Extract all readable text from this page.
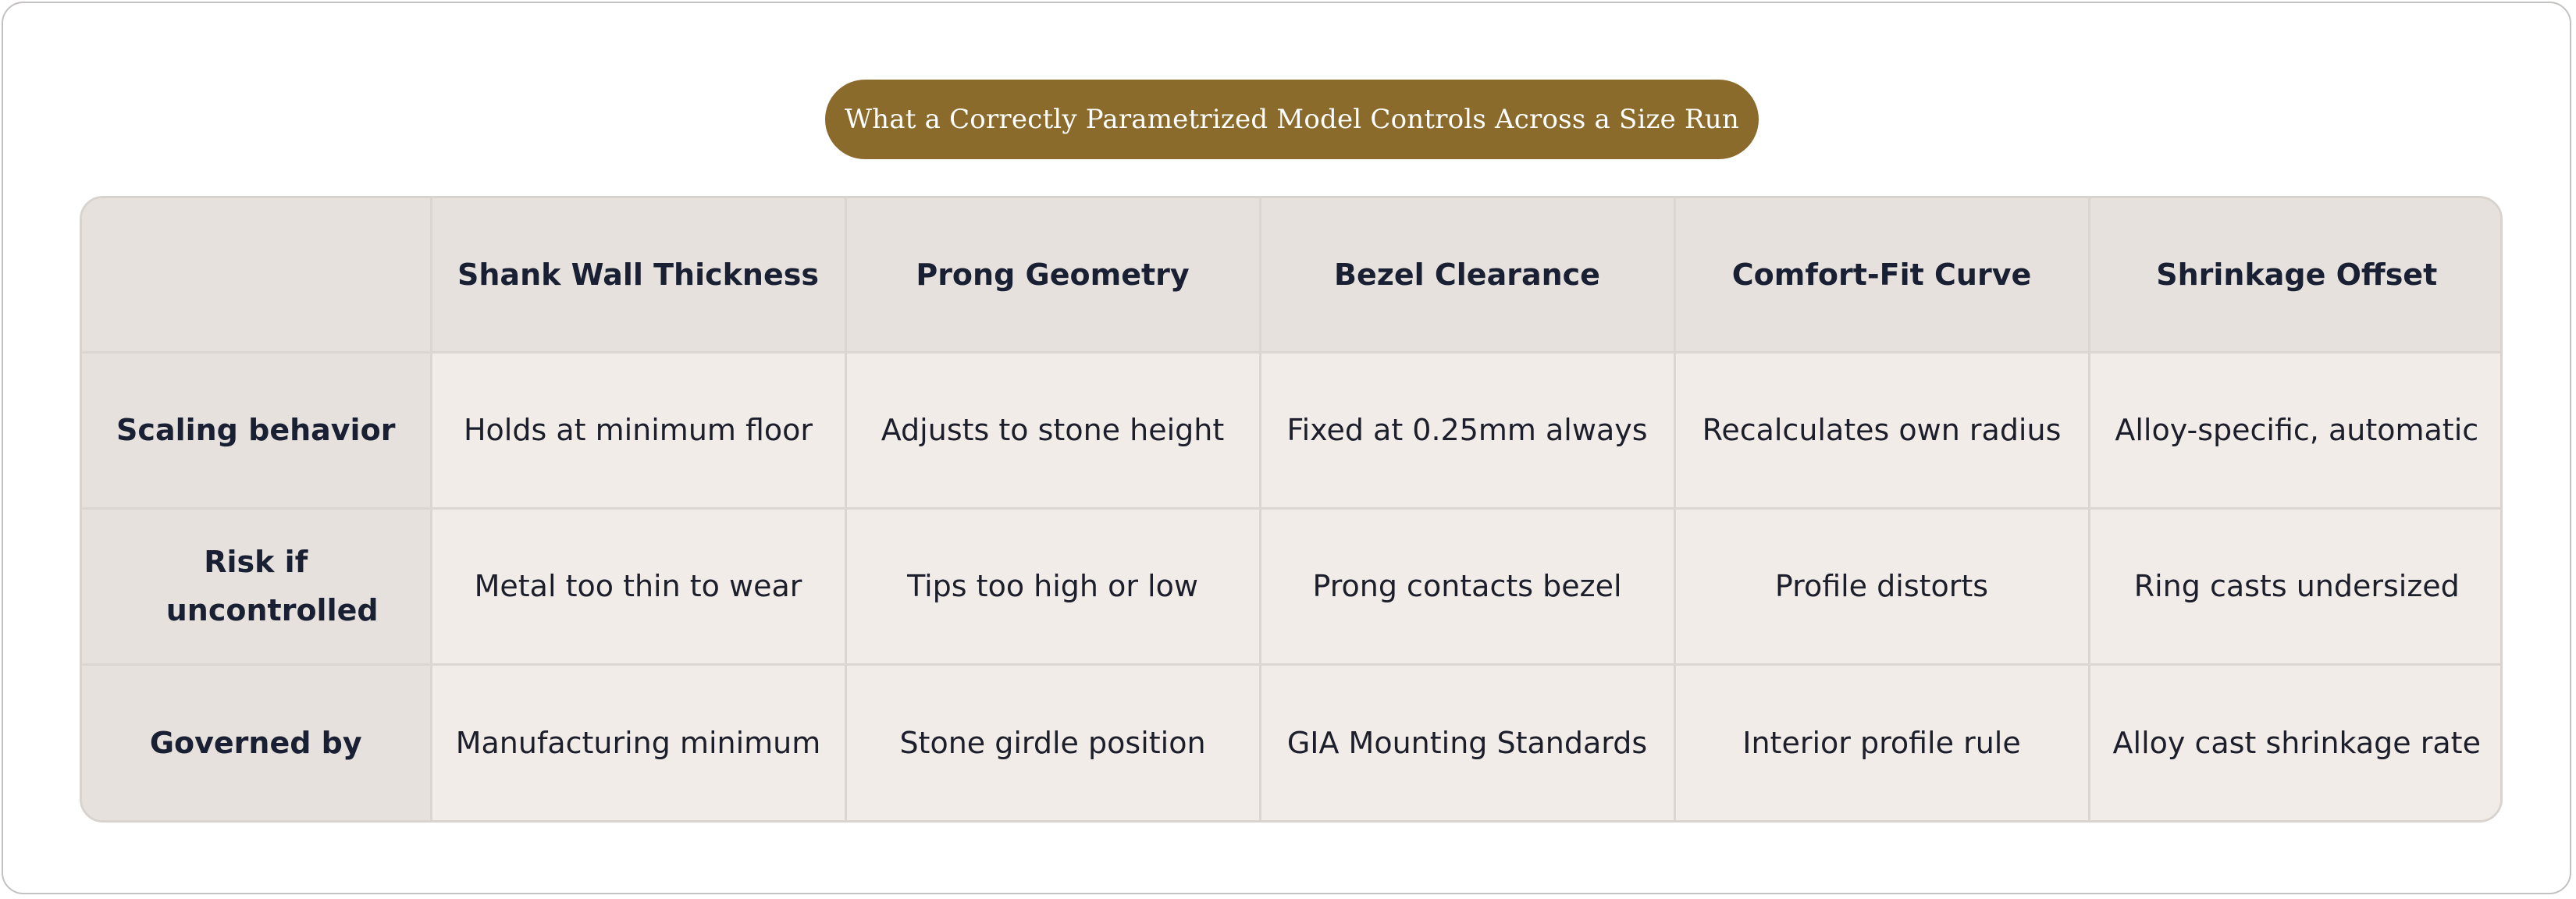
What a Correctly Parametrized Model Controls Across a Size Run
	Shank Wall Thickness	Prong Geometry	Bezel Clearance	Comfort-Fit Curve	Shrinkage Offset
Scaling behavior	Holds at minimum floor	Adjusts to stone height	Fixed at 0.25mm always	Recalculates own radius	Alloy-specific, automatic
Risk if uncontrolled	Metal too thin to wear	Tips too high or low	Prong contacts bezel	Profile distorts	Ring casts undersized
Governed by	Manufacturing minimum	Stone girdle position	GIA Mounting Standards	Interior profile rule	Alloy cast shrinkage rate
